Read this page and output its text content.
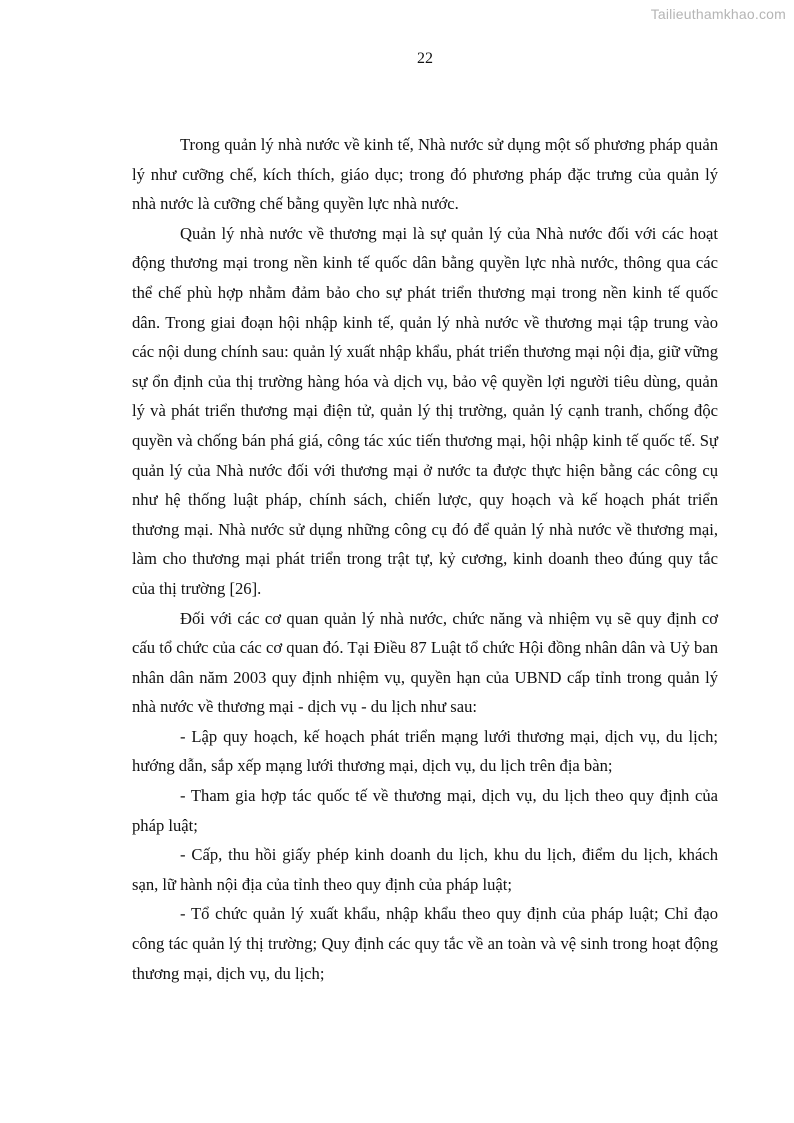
Tailieuthamkhao.com
22

Trong quản lý nhà nước về kinh tế, Nhà nước sử dụng một số phương pháp quản lý như cưỡng chế, kích thích, giáo dục; trong đó phương pháp đặc trưng của quản lý nhà nước là cưỡng chế bằng quyền lực nhà nước.

Quản lý nhà nước về thương mại là sự quản lý của Nhà nước đối với các hoạt động thương mại trong nền kinh tế quốc dân bằng quyền lực nhà nước, thông qua các thể chế phù hợp nhằm đảm bảo cho sự phát triển thương mại trong nền kinh tế quốc dân. Trong giai đoạn hội nhập kinh tế, quản lý nhà nước về thương mại tập trung vào các nội dung chính sau: quản lý xuất nhập khẩu, phát triển thương mại nội địa, giữ vững sự ổn định của thị trường hàng hóa và dịch vụ, bảo vệ quyền lợi người tiêu dùng, quản lý và phát triển thương mại điện tử, quản lý thị trường, quản lý cạnh tranh, chống độc quyền và chống bán phá giá, công tác xúc tiến thương mại, hội nhập kinh tế quốc tế. Sự quản lý của Nhà nước đối với thương mại ở nước ta được thực hiện bằng các công cụ như hệ thống luật pháp, chính sách, chiến lược, quy hoạch và kế hoạch phát triển thương mại. Nhà nước sử dụng những công cụ đó để quản lý nhà nước về thương mại, làm cho thương mại phát triển trong trật tự, kỷ cương, kinh doanh theo đúng quy tắc của thị trường [26].

Đối với các cơ quan quản lý nhà nước, chức năng và nhiệm vụ sẽ quy định cơ cấu tổ chức của các cơ quan đó. Tại Điều 87 Luật tổ chức Hội đồng nhân dân và Uỷ ban nhân dân năm 2003 quy định nhiệm vụ, quyền hạn của UBND cấp tỉnh trong quản lý nhà nước về thương mại - dịch vụ - du lịch như sau:

- Lập quy hoạch, kế hoạch phát triển mạng lưới thương mại, dịch vụ, du lịch; hướng dẫn, sắp xếp mạng lưới thương mại, dịch vụ, du lịch trên địa bàn;

- Tham gia hợp tác quốc tế về thương mại, dịch vụ, du lịch theo quy định của pháp luật;

- Cấp, thu hồi giấy phép kinh doanh du lịch, khu du lịch, điểm du lịch, khách sạn, lữ hành nội địa của tỉnh theo quy định của pháp luật;

- Tổ chức quản lý xuất khẩu, nhập khẩu theo quy định của pháp luật; Chỉ đạo công tác quản lý thị trường; Quy định các quy tắc về an toàn và vệ sinh trong hoạt động thương mại, dịch vụ, du lịch;
